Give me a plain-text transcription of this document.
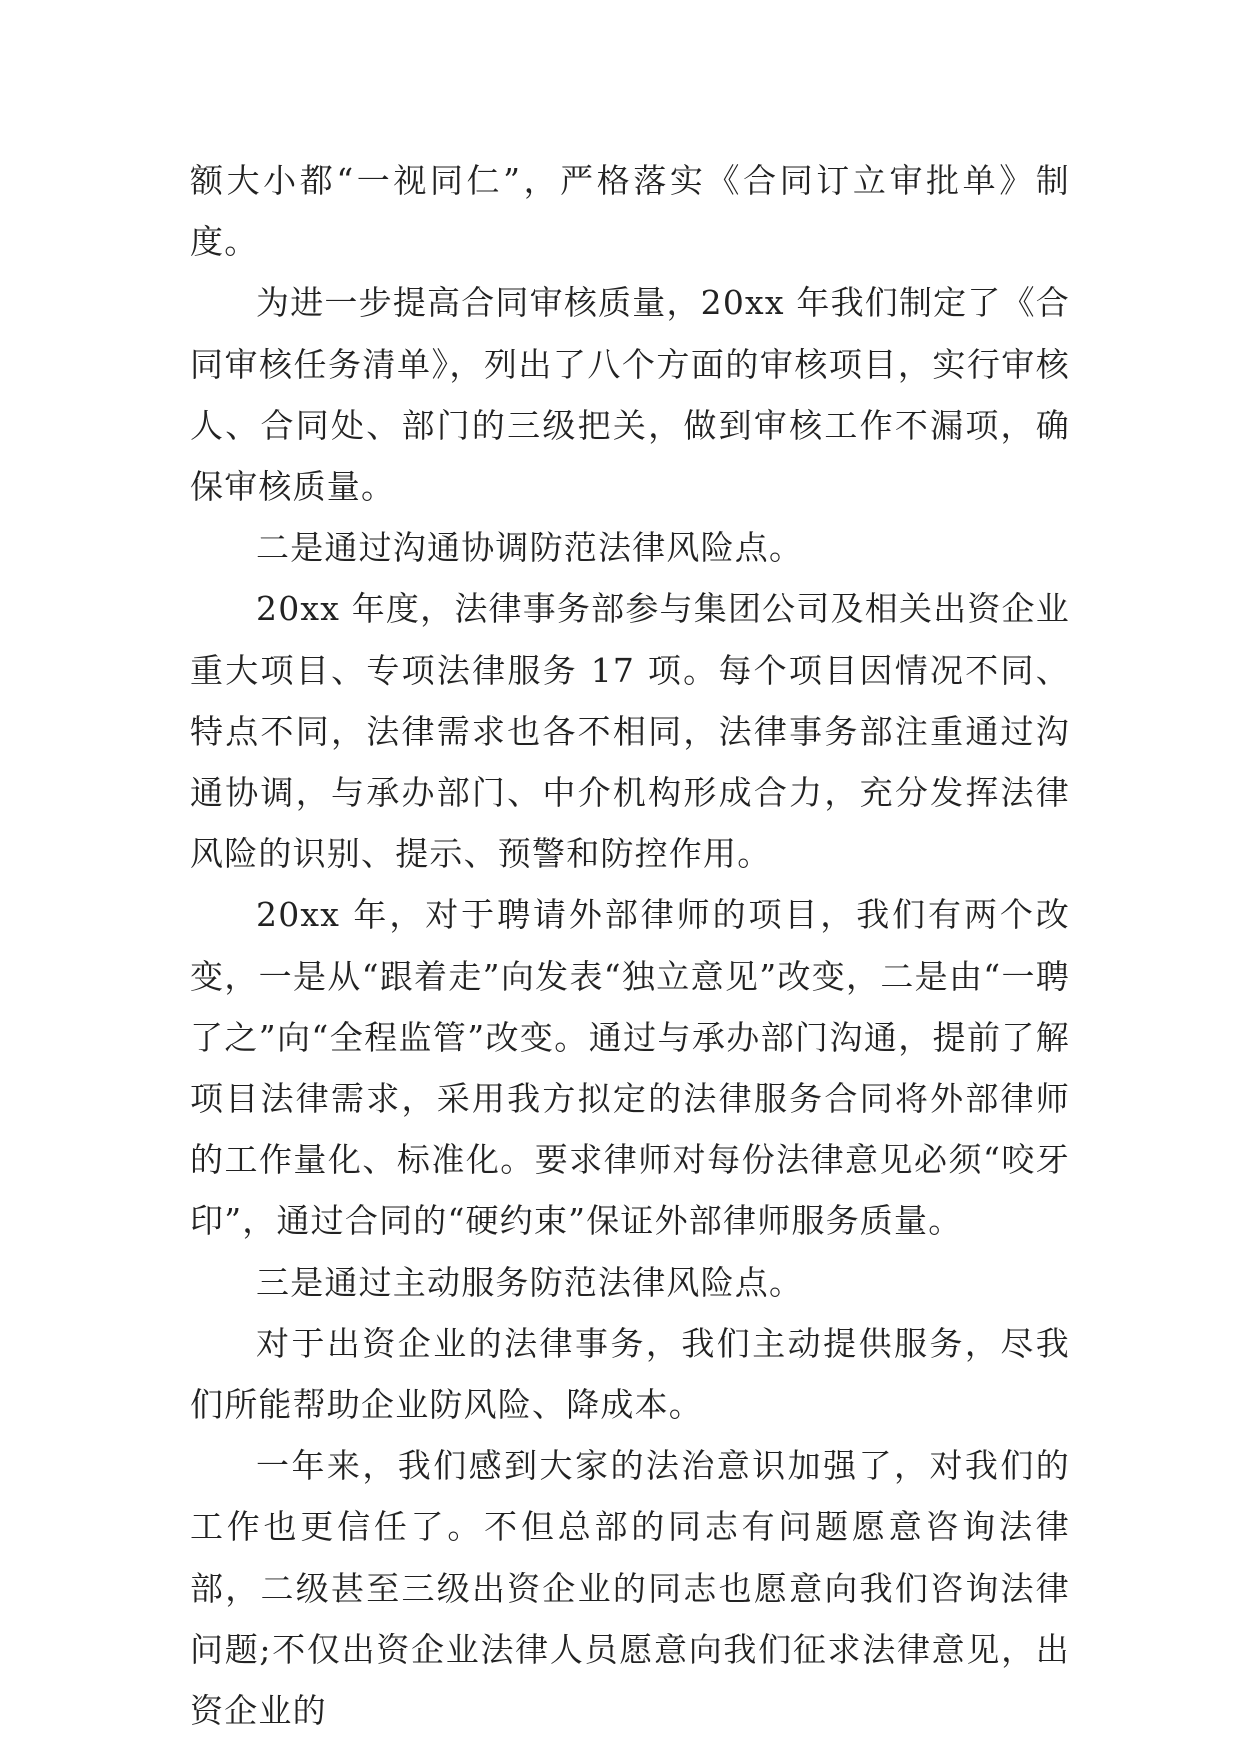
额大小都“一视同仁”，严格落实《合同订立审批单》制度。

为进一步提高合同审核质量，20xx 年我们制定了《合同审核任务清单》，列出了八个方面的审核项目，实行审核人、合同处、部门的三级把关，做到审核工作不漏项，确保审核质量。

二是通过沟通协调防范法律风险点。

20xx 年度，法律事务部参与集团公司及相关出资企业重大项目、专项法律服务 17 项。每个项目因情况不同、特点不同，法律需求也各不相同，法律事务部注重通过沟通协调，与承办部门、中介机构形成合力，充分发挥法律风险的识别、提示、预警和防控作用。

20xx 年，对于聘请外部律师的项目，我们有两个改变，一是从“跟着走”向发表“独立意见”改变，二是由“一聘了之”向“全程监管”改变。通过与承办部门沟通，提前了解项目法律需求，采用我方拟定的法律服务合同将外部律师的工作量化、标准化。要求律师对每份法律意见必须“咬牙印”，通过合同的“硬约束”保证外部律师服务质量。

三是通过主动服务防范法律风险点。

对于出资企业的法律事务，我们主动提供服务，尽我们所能帮助企业防风险、降成本。

一年来，我们感到大家的法治意识加强了，对我们的工作也更信任了。不但总部的同志有问题愿意咨询法律部，二级甚至三级出资企业的同志也愿意向我们咨询法律问题;不仅出资企业法律人员愿意向我们征求法律意见，出资企业的
